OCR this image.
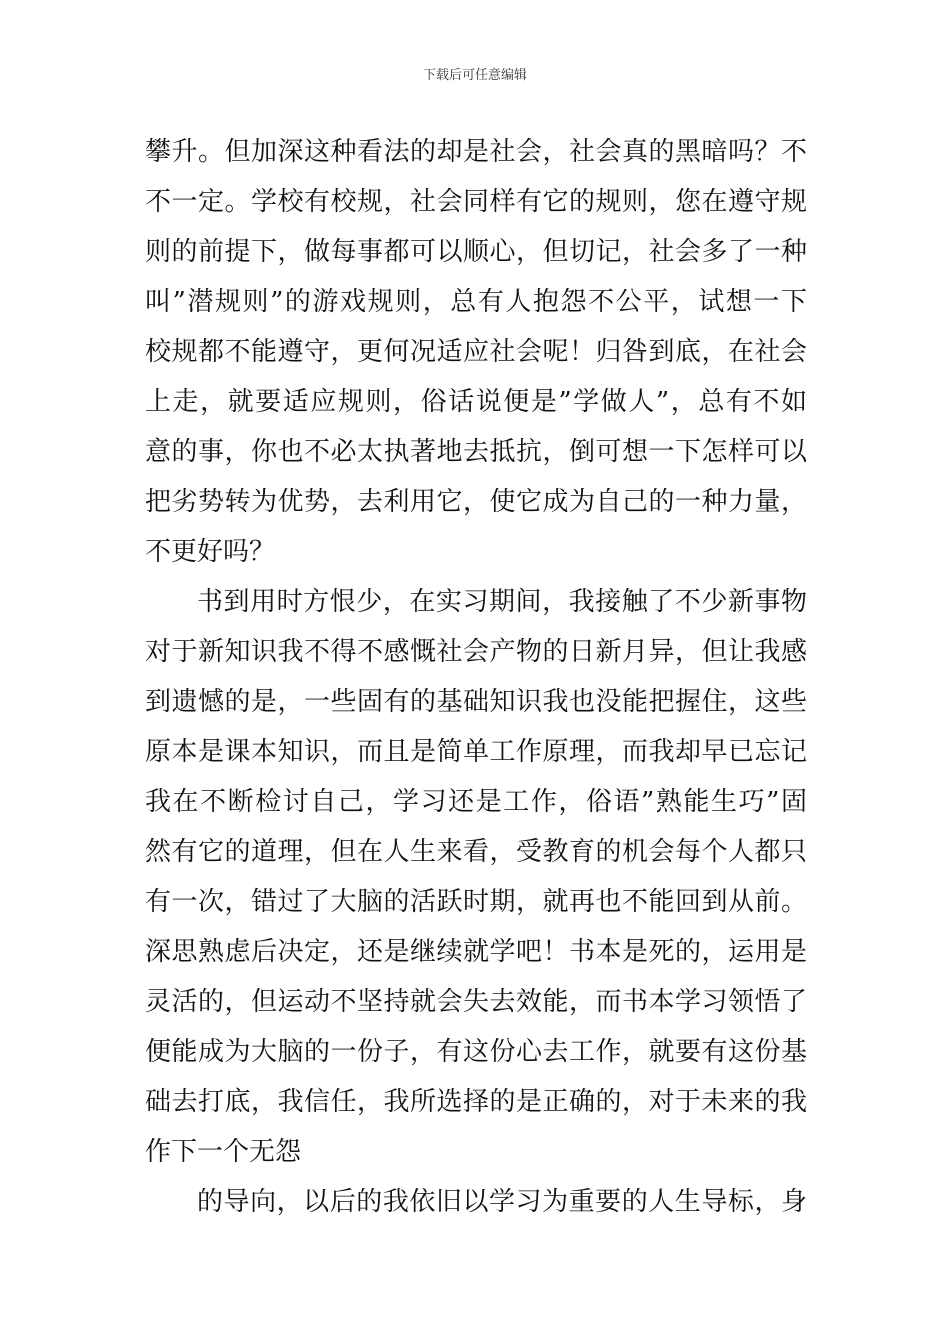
下载后可任意编辑
攀升。但加深这种看法的却是社会，社会真的黑暗吗？不
不一定。学校有校规，社会同样有它的规则，您在遵守规
则的前提下，做每事都可以顺心，但切记，社会多了一种
叫”潜规则”的游戏规则，总有人抱怨不公平，试想一下
校规都不能遵守，更何况适应社会呢！归咎到底，在社会
上走，就要适应规则，俗话说便是”学做人”，总有不如
意的事，你也不必太执著地去抵抗，倒可想一下怎样可以
把劣势转为优势，去利用它，使它成为自己的一种力量，
不更好吗？
书到用时方恨少，在实习期间，我接触了不少新事物
对于新知识我不得不感慨社会产物的日新月异，但让我感
到遗憾的是，一些固有的基础知识我也没能把握住，这些
原本是课本知识，而且是简单工作原理，而我却早已忘记
我在不断检讨自己，学习还是工作，俗语”熟能生巧”固
然有它的道理，但在人生来看，受教育的机会每个人都只
有一次，错过了大脑的活跃时期，就再也不能回到从前。
深思熟虑后决定，还是继续就学吧！书本是死的，运用是
灵活的，但运动不坚持就会失去效能，而书本学习领悟了
便能成为大脑的一份子，有这份心去工作，就要有这份基
础去打底，我信任，我所选择的是正确的，对于未来的我
作下一个无怨
的导向，以后的我依旧以学习为重要的人生导标，身
